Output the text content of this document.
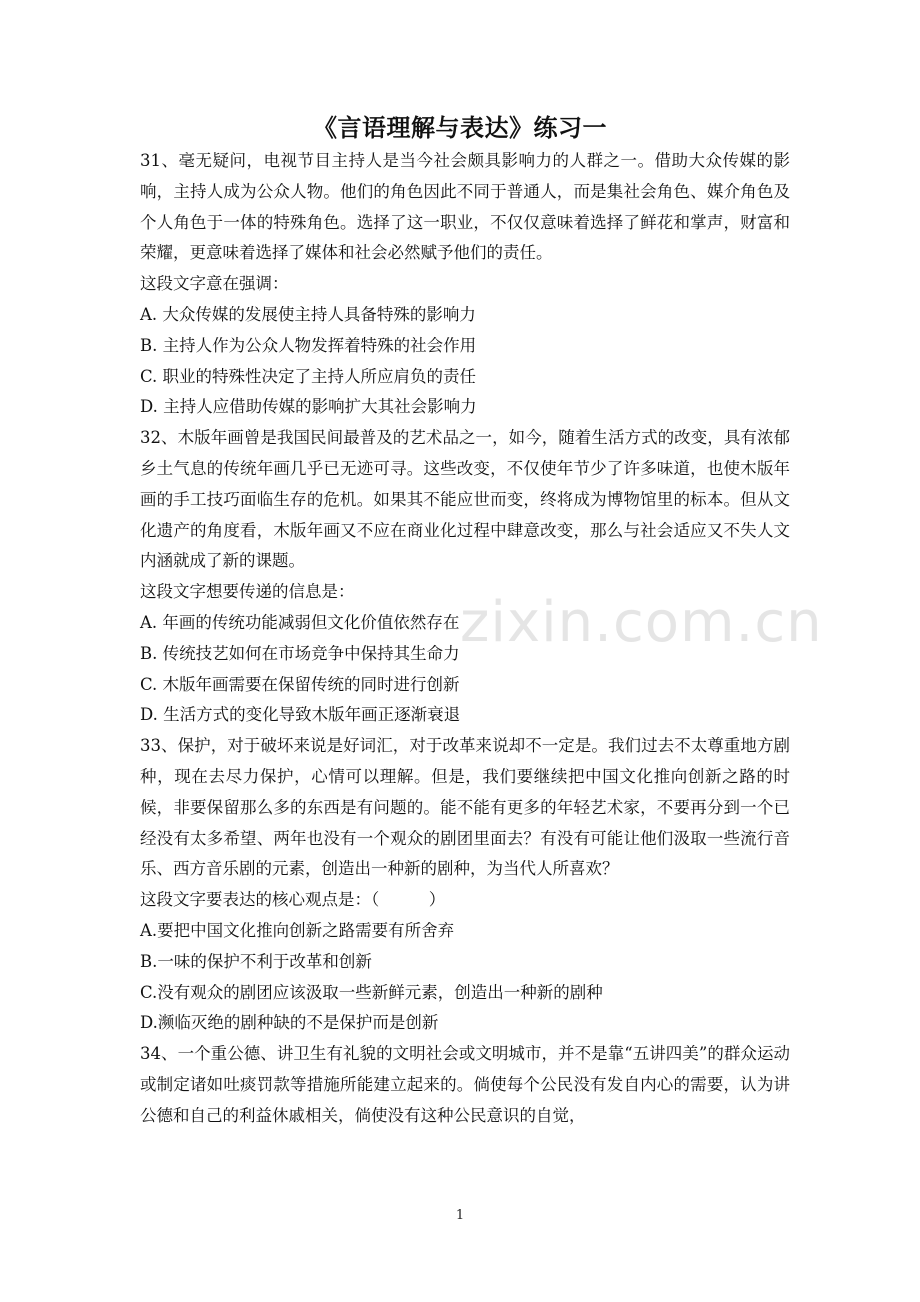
《言语理解与表达》练习一
zixin.com.cn

31、毫无疑问，电视节目主持人是当今社会颇具影响力的人群之一。借助大众传媒的影响，主持人成为公众人物。他们的角色因此不同于普通人，而是集社会角色、媒介角色及个人角色于一体的特殊角色。选择了这一职业，不仅仅意味着选择了鲜花和掌声，财富和荣耀，更意味着选择了媒体和社会必然赋予他们的责任。

这段文字意在强调：

A. 大众传媒的发展使主持人具备特殊的影响力

B. 主持人作为公众人物发挥着特殊的社会作用

C. 职业的特殊性决定了主持人所应肩负的责任

D. 主持人应借助传媒的影响扩大其社会影响力

32、木版年画曾是我国民间最普及的艺术品之一，如今，随着生活方式的改变，具有浓郁乡土气息的传统年画几乎已无迹可寻。这些改变，不仅使年节少了许多味道，也使木版年画的手工技巧面临生存的危机。如果其不能应世而变，终将成为博物馆里的标本。但从文化遗产的角度看，木版年画又不应在商业化过程中肆意改变，那么与社会适应又不失人文内涵就成了新的课题。

这段文字想要传递的信息是：

A. 年画的传统功能减弱但文化价值依然存在

B. 传统技艺如何在市场竞争中保持其生命力

C. 木版年画需要在保留传统的同时进行创新

D. 生活方式的变化导致木版年画正逐渐衰退

33、保护，对于破坏来说是好词汇，对于改革来说却不一定是。我们过去不太尊重地方剧种，现在去尽力保护，心情可以理解。但是，我们要继续把中国文化推向创新之路的时候，非要保留那么多的东西是有问题的。能不能有更多的年轻艺术家，不要再分到一个已经没有太多希望、两年也没有一个观众的剧团里面去？有没有可能让他们汲取一些流行音乐、西方音乐剧的元素，创造出一种新的剧种，为当代人所喜欢？

这段文字要表达的核心观点是：（　　　）

A.要把中国文化推向创新之路需要有所舍弃

B.一味的保护不利于改革和创新

C.没有观众的剧团应该汲取一些新鲜元素，创造出一种新的剧种

D.濒临灭绝的剧种缺的不是保护而是创新

34、一个重公德、讲卫生有礼貌的文明社会或文明城市，并不是靠“五讲四美”的群众运动或制定诸如吐痰罚款等措施所能建立起来的。倘使每个公民没有发自内心的需要，认为讲公德和自己的利益休戚相关，倘使没有这种公民意识的自觉，

1
